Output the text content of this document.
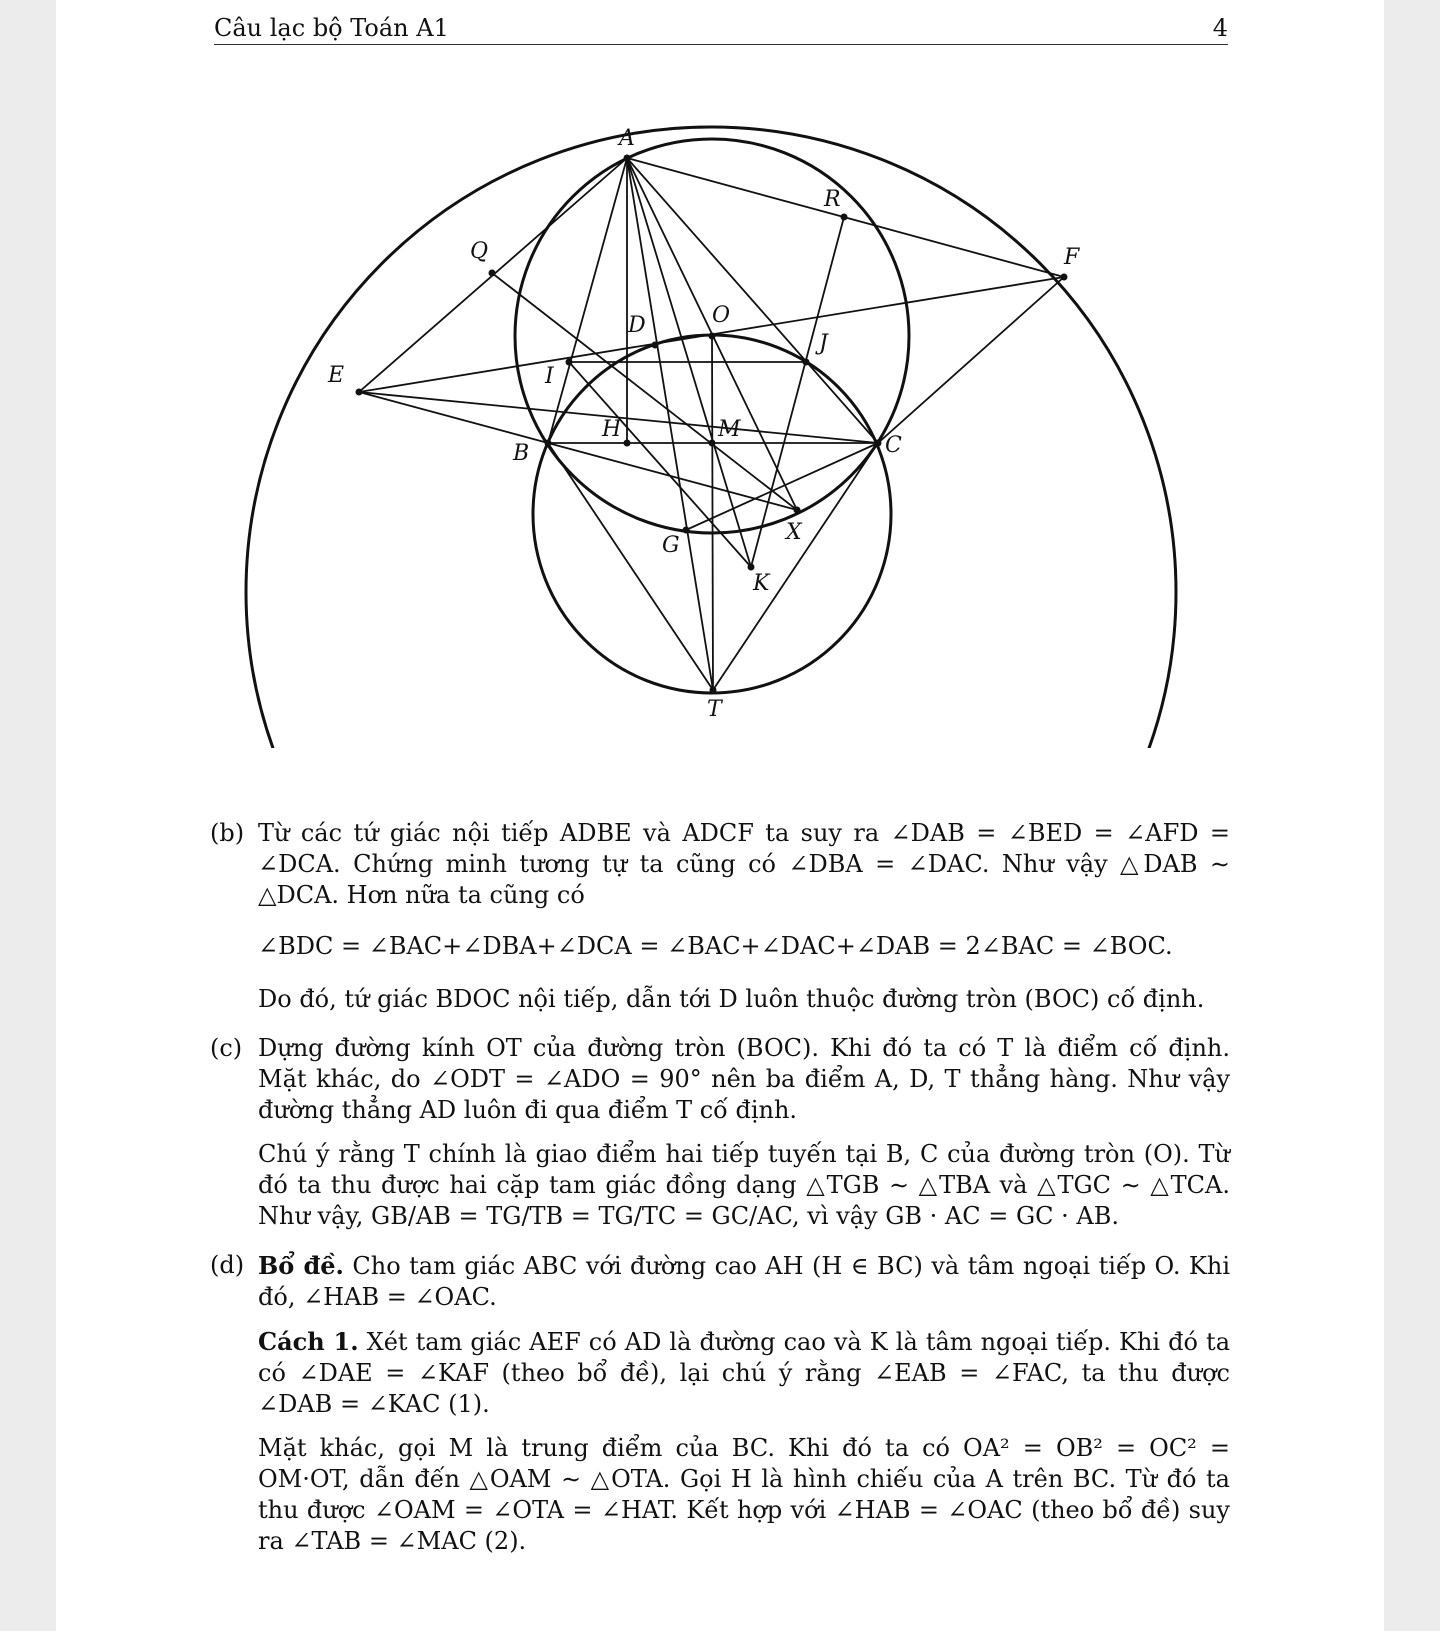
Câu lạc bộ Toán A1	4
A
R
F
Q
D	O
J
E	I
H	M
C
B
X
G
K
T
(b) Từ các tứ giác nội tiếp ADBE và ADCF ta suy ra ∠DAB = ∠BED = ∠AFD = ∠DCA. Chứng minh tương tự ta cũng có ∠DBA = ∠DAC. Như vậy △DAB ∼ △DCA. Hơn nữa ta cũng có

∠BDC = ∠BAC+∠DBA+∠DCA = ∠BAC+∠DAC+∠DAB = 2∠BAC = ∠BOC.

Do đó, tứ giác BDOC nội tiếp, dẫn tới D luôn thuộc đường tròn (BOC) cố định.

(c) Dựng đường kính OT của đường tròn (BOC). Khi đó ta có T là điểm cố định. Mặt khác, do ∠ODT = ∠ADO = 90° nên ba điểm A, D, T thẳng hàng. Như vậy đường thẳng AD luôn đi qua điểm T cố định.

Chú ý rằng T chính là giao điểm hai tiếp tuyến tại B, C của đường tròn (O). Từ đó ta thu được hai cặp tam giác đồng dạng △TGB ∼ △TBA và △TGC ∼ △TCA. Như vậy, GB/AB = TG/TB = TG/TC = GC/AC, vì vậy GB · AC = GC · AB.

(d) Bổ đề. Cho tam giác ABC với đường cao AH (H ∈ BC) và tâm ngoại tiếp O. Khi đó, ∠HAB = ∠OAC.

Cách 1. Xét tam giác AEF có AD là đường cao và K là tâm ngoại tiếp. Khi đó ta có ∠DAE = ∠KAF (theo bổ đề), lại chú ý rằng ∠EAB = ∠FAC, ta thu được ∠DAB = ∠KAC (1).

Mặt khác, gọi M là trung điểm của BC. Khi đó ta có OA² = OB² = OC² = OM·OT, dẫn đến △OAM ∼ △OTA. Gọi H là hình chiếu của A trên BC. Từ đó ta thu được ∠OAM = ∠OTA = ∠HAT. Kết hợp với ∠HAB = ∠OAC (theo bổ đề) suy ra ∠TAB = ∠MAC (2).
